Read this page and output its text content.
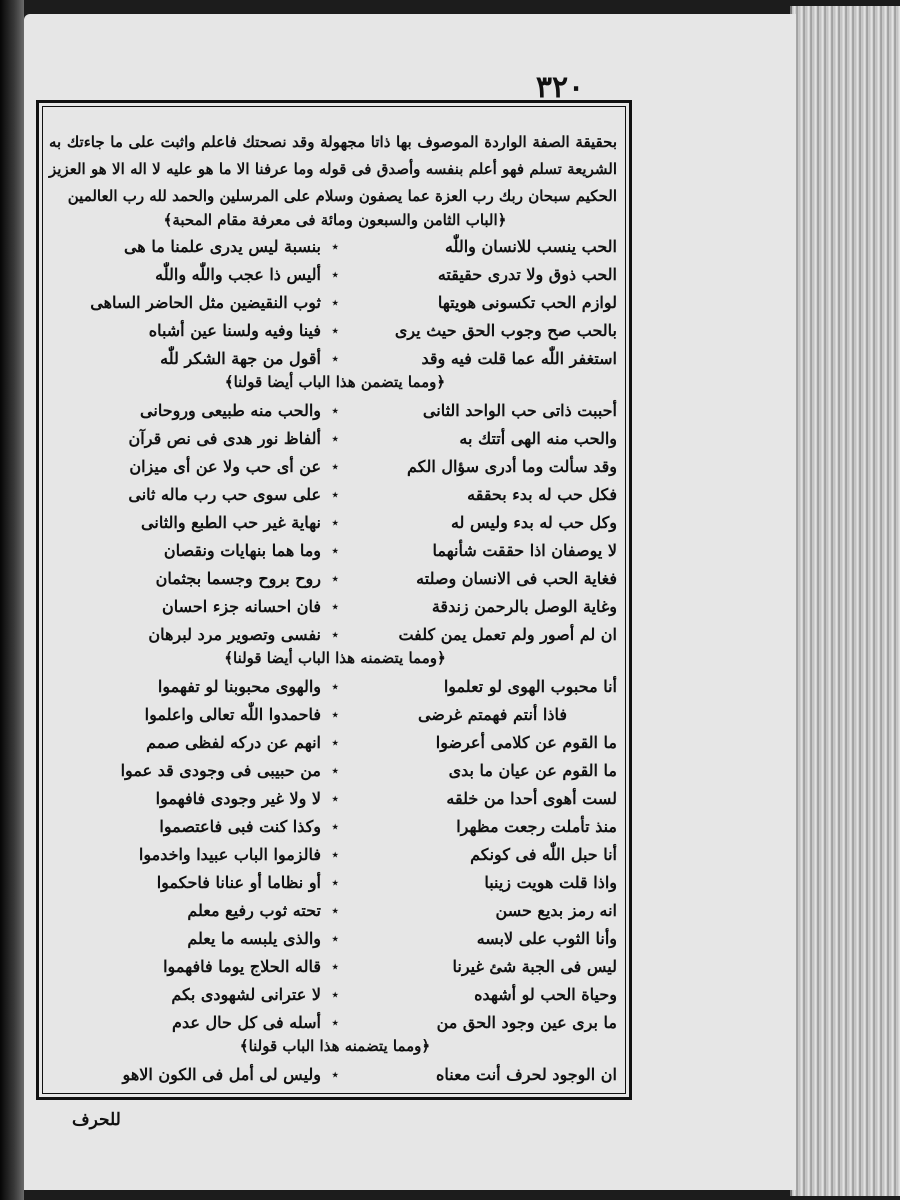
٣٢٠
بحقيقة الصفة الواردة الموصوف بها ذاتا مجهولة وقد نصحتك فاعلم واثبت على ما جاءتك به الشريعة تسلم فهو أعلم بنفسه وأصدق فى قوله وما عرفنا الا ما هو عليه لا اله الا هو العزيز الحكيم سبحان ربك رب العزة عما يصفون وسلام على المرسلين والحمد لله رب العالمين
﴿الباب الثامن والسبعون ومائة فى معرفة مقام المحبة﴾
الحب ينسب للانسان واللّٰه
٭
بنسبة ليس يدرى علمنا ما هى
الحب ذوق ولا تدرى حقيقته
٭
أليس ذا عجب واللّٰه واللّٰه
لوازم الحب تكسونى هويتها
٭
ثوب النقيضين مثل الحاضر الساهى
بالحب صح وجوب الحق حيث يرى
٭
فينا وفيه ولسنا عين أشباه
استغفر اللّٰه عما قلت فيه وقد
٭
أقول من جهة الشكر للّٰه
﴿ومما يتضمن هذا الباب أيضا قولنا﴾
أحببت ذاتى حب الواحد الثانى
٭
والحب منه طبيعى وروحانى
والحب منه الهى أتتك به
٭
ألفاظ نور هدى فى نص قرآن
وقد سألت وما أدرى سؤال الكم
٭
عن أى حب ولا عن أى ميزان
فكل حب له بدء بحققه
٭
على سوى حب رب ماله ثانى
وكل حب له بدء وليس له
٭
نهاية غير حب الطبع والثانى
لا يوصفان اذا حققت شأنهما
٭
وما هما بنهايات ونقصان
فغاية الحب فى الانسان وصلته
٭
روح بروح وجسما بجثمان
وغاية الوصل بالرحمن زندقة
٭
فان احسانه جزء احسان
ان لم أصور ولم تعمل يمن كلفت
٭
نفسى وتصوير مرد لبرهان
﴿ومما يتضمنه هذا الباب أيضا قولنا﴾
أنا محبوب الهوى لو تعلموا
٭
والهوى محبوبنا لو تفهموا
فاذا أنتم فهمتم غرضى
٭
فاحمدوا اللّٰه تعالى واعلموا
ما القوم عن كلامى أعرضوا
٭
انهم عن دركه لفظى صمم
ما القوم عن عيان ما بدى
٭
من حبيبى فى وجودى قد عموا
لست أهوى أحدا من خلقه
٭
لا ولا غير وجودى فافهموا
منذ تأملت رجعت مظهرا
٭
وكذا كنت فبى فاعتصموا
أنا حبل اللّٰه فى كونكم
٭
فالزموا الباب عبيدا واخدموا
واذا قلت هويت زينبا
٭
أو نظاما أو عنانا فاحكموا
انه رمز بديع حسن
٭
تحته ثوب رفيع معلم
وأنا الثوب على لابسه
٭
والذى يلبسه ما يعلم
ليس فى الجبة شئ غيرنا
٭
قاله الحلاج يوما فافهموا
وحياة الحب لو أشهده
٭
لا عترانى لشهودى بكم
ما برى عين وجود الحق من
٭
أسله فى كل حال عدم
﴿ومما يتضمنه هذا الباب قولنا﴾
ان الوجود لحرف أنت معناه
٭
وليس لى أمل فى الكون الاهو
للحرف
